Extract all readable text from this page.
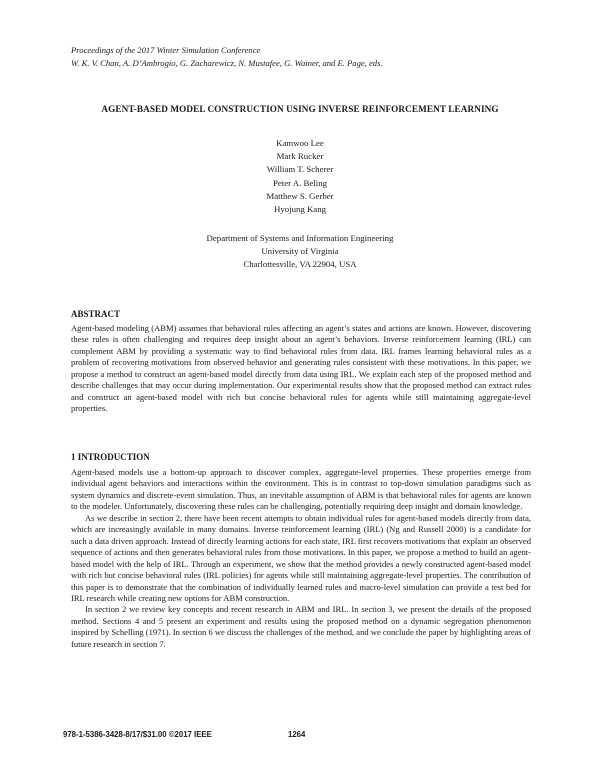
Proceedings of the 2017 Winter Simulation Conference
W. K. V. Chan, A. D’Ambrogio, G. Zacharewicz, N. Mustafee, G. Wainer, and E. Page, eds.
AGENT-BASED MODEL CONSTRUCTION USING INVERSE REINFORCEMENT LEARNING
Kamwoo Lee
Mark Rucker
William T. Scherer
Peter A. Beling
Matthew S. Gerber
Hyojung Kang
Department of Systems and Information Engineering
University of Virginia
Charlottesville, VA 22904, USA
ABSTRACT

Agent-based modeling (ABM) assumes that behavioral rules affecting an agent’s states and actions are known. However, discovering these rules is often challenging and requires deep insight about an agent’s behaviors. Inverse reinforcement learning (IRL) can complement ABM by providing a systematic way to find behavioral rules from data. IRL frames learning behavioral rules as a problem of recovering motivations from observed behavior and generating rules consistent with these motivations. In this paper, we propose a method to construct an agent-based model directly from data using IRL. We explain each step of the proposed method and describe challenges that may occur during implementation. Our experimental results show that the proposed method can extract rules and construct an agent-based model with rich but concise behavioral rules for agents while still maintaining aggregate-level properties.

1 INTRODUCTION

Agent-based models use a bottom-up approach to discover complex, aggregate-level properties. These properties emerge from individual agent behaviors and interactions within the environment. This is in contrast to top-down simulation paradigms such as system dynamics and discrete-event simulation. Thus, an inevitable assumption of ABM is that behavioral rules for agents are known to the modeler. Unfortunately, discovering these rules can be challenging, potentially requiring deep insight and domain knowledge.

As we describe in section 2, there have been recent attempts to obtain individual rules for agent-based models directly from data, which are increasingly available in many domains. Inverse reinforcement learning (IRL) (Ng and Russell 2000) is a candidate for such a data driven approach. Instead of directly learning actions for each state, IRL first recovers motivations that explain an observed sequence of actions and then generates behavioral rules from those motivations. In this paper, we propose a method to build an agent-based model with the help of IRL. Through an experiment, we show that the method provides a newly constructed agent-based model with rich but concise behavioral rules (IRL policies) for agents while still maintaining aggregate-level properties. The contribution of this paper is to demonstrate that the combination of individually learned rules and macro-level simulation can provide a test bed for IRL research while creating new options for ABM construction.

In section 2 we review key concepts and recent research in ABM and IRL. In section 3, we present the details of the proposed method. Sections 4 and 5 present an experiment and results using the proposed method on a dynamic segregation phenomenon inspired by Schelling (1971). In section 6 we discuss the challenges of the method, and we conclude the paper by highlighting areas of future research in section 7.

978-1-5386-3428-8/17/$31.00 ©2017 IEEE	1264
